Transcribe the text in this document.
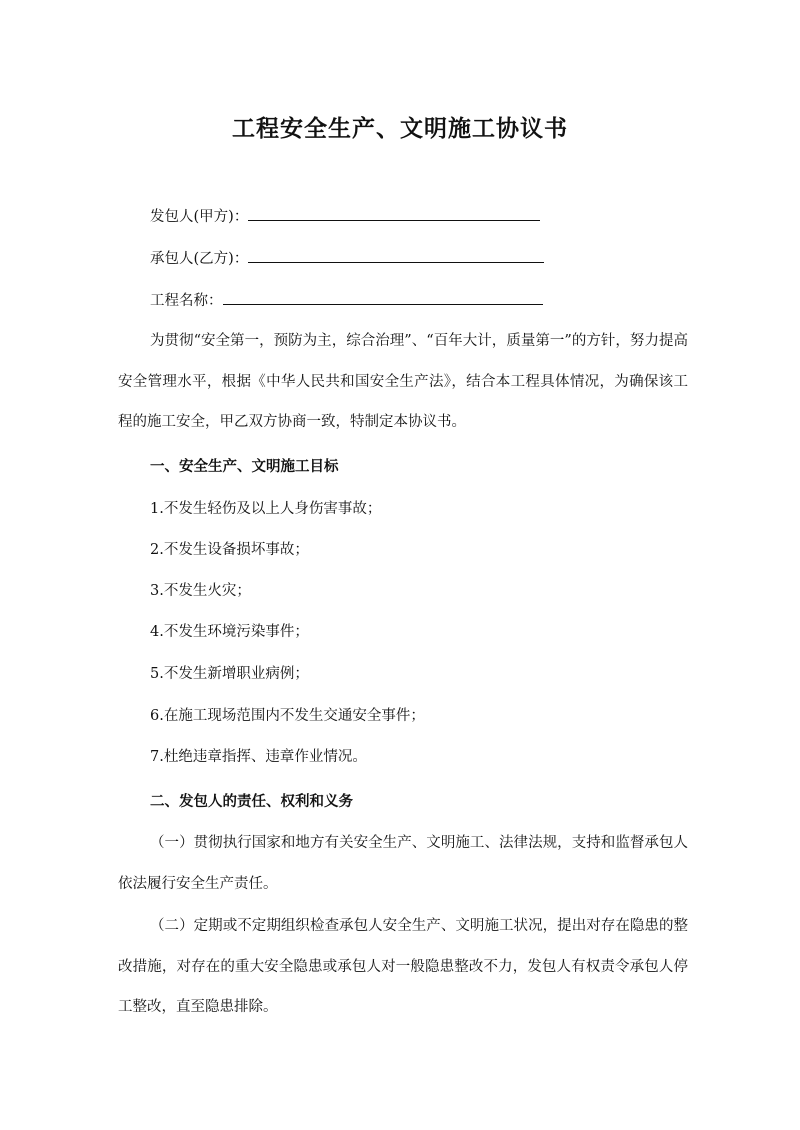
工程安全生产、文明施工协议书
发包人(甲方)：
承包人(乙方)：
工程名称：
为贯彻“安全第一，预防为主，综合治理”、“百年大计，质量第一”的方针，努力提高安全管理水平，根据《中华人民共和国安全生产法》，结合本工程具体情况，为确保该工程的施工安全，甲乙双方协商一致，特制定本协议书。
一、安全生产、文明施工目标
1.不发生轻伤及以上人身伤害事故；
2.不发生设备损坏事故；
3.不发生火灾；
4.不发生环境污染事件；
5.不发生新增职业病例；
6.在施工现场范围内不发生交通安全事件；
7.杜绝违章指挥、违章作业情况。
二、发包人的责任、权利和义务
（一）贯彻执行国家和地方有关安全生产、文明施工、法律法规，支持和监督承包人依法履行安全生产责任。
（二）定期或不定期组织检查承包人安全生产、文明施工状况，提出对存在隐患的整改措施，对存在的重大安全隐患或承包人对一般隐患整改不力，发包人有权责令承包人停工整改，直至隐患排除。
